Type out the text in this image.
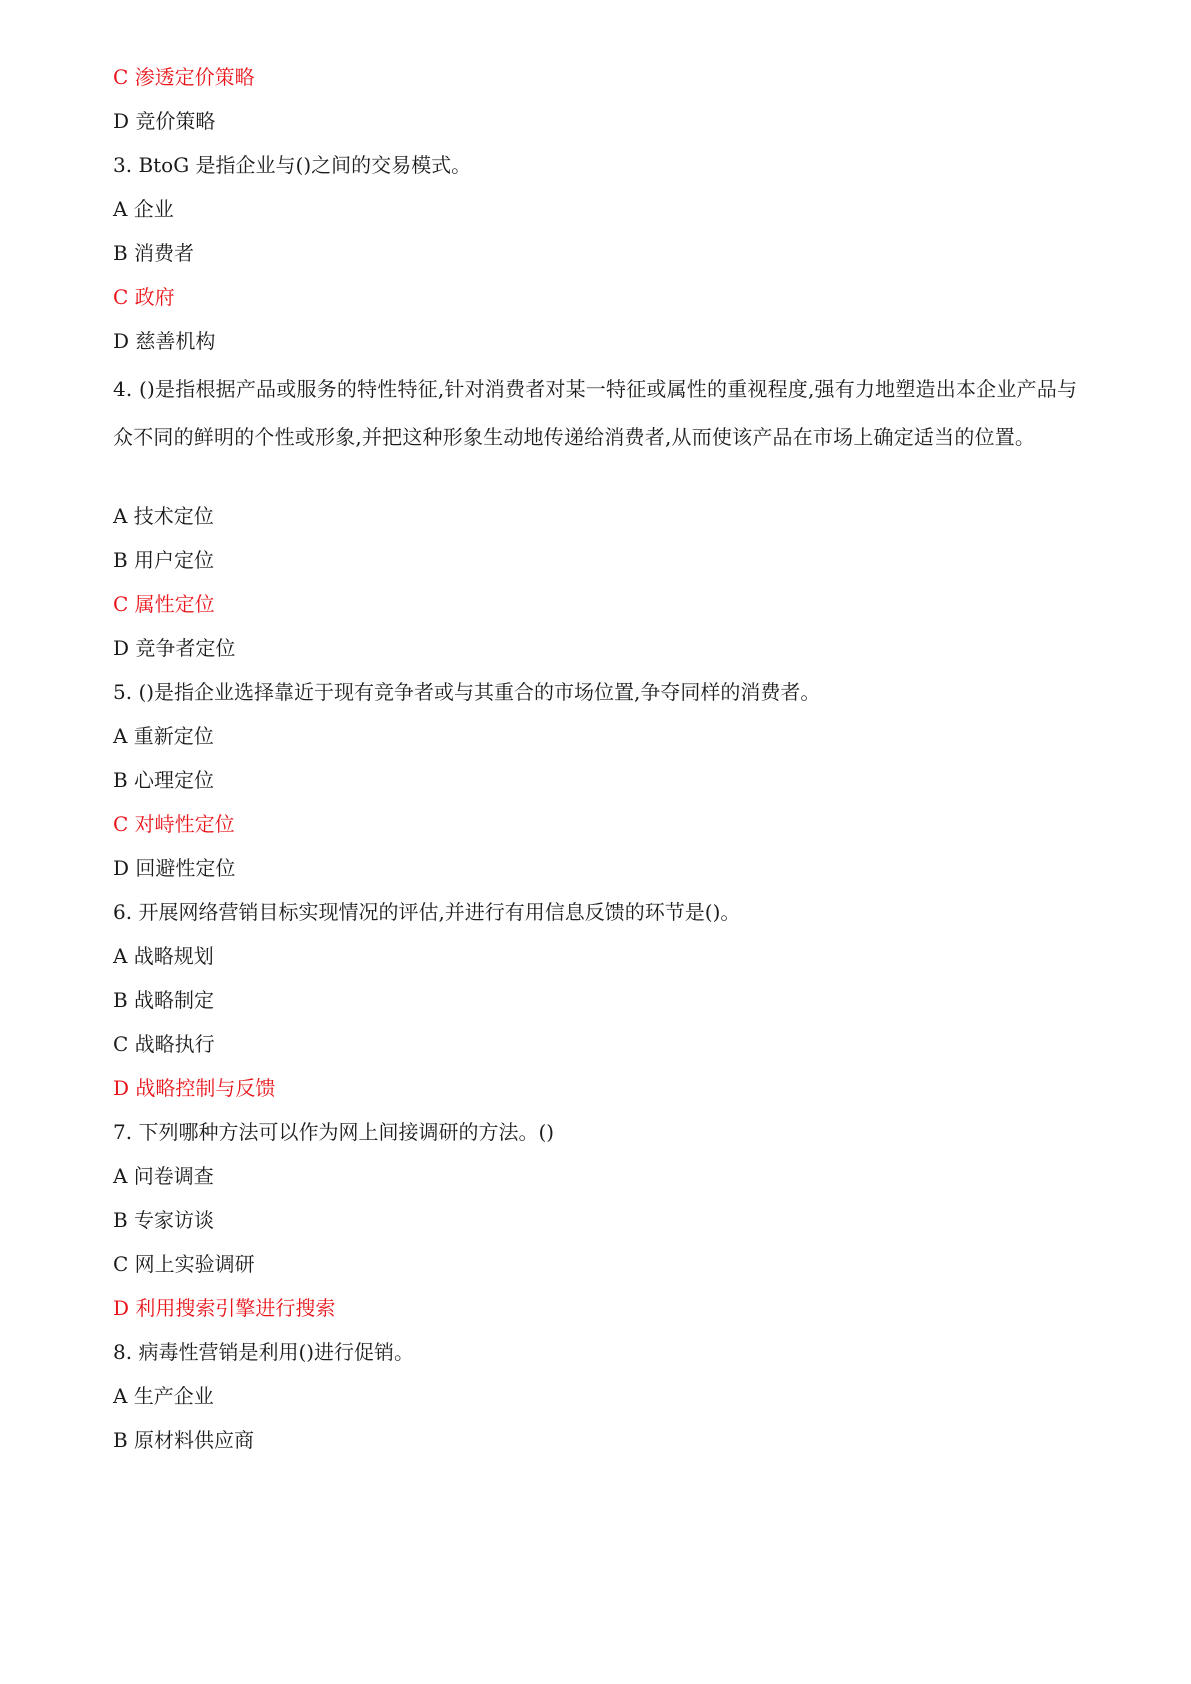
C 渗透定价策略
D 竞价策略
3. BtoG 是指企业与()之间的交易模式。
A 企业
B 消费者
C 政府
D 慈善机构
4. ()是指根据产品或服务的特性特征,针对消费者对某一特征或属性的重视程度,强有力地塑造出本企业产品与众不同的鲜明的个性或形象,并把这种形象生动地传递给消费者,从而使该产品在市场上确定适当的位置。
A 技术定位
B 用户定位
C 属性定位
D 竞争者定位
5. ()是指企业选择靠近于现有竞争者或与其重合的市场位置,争夺同样的消费者。
A 重新定位
B 心理定位
C 对峙性定位
D 回避性定位
6. 开展网络营销目标实现情况的评估,并进行有用信息反馈的环节是()。
A 战略规划
B 战略制定
C 战略执行
D 战略控制与反馈
7. 下列哪种方法可以作为网上间接调研的方法。()
A 问卷调查
B 专家访谈
C 网上实验调研
D 利用搜索引擎进行搜索
8. 病毒性营销是利用()进行促销。
A 生产企业
B 原材料供应商
